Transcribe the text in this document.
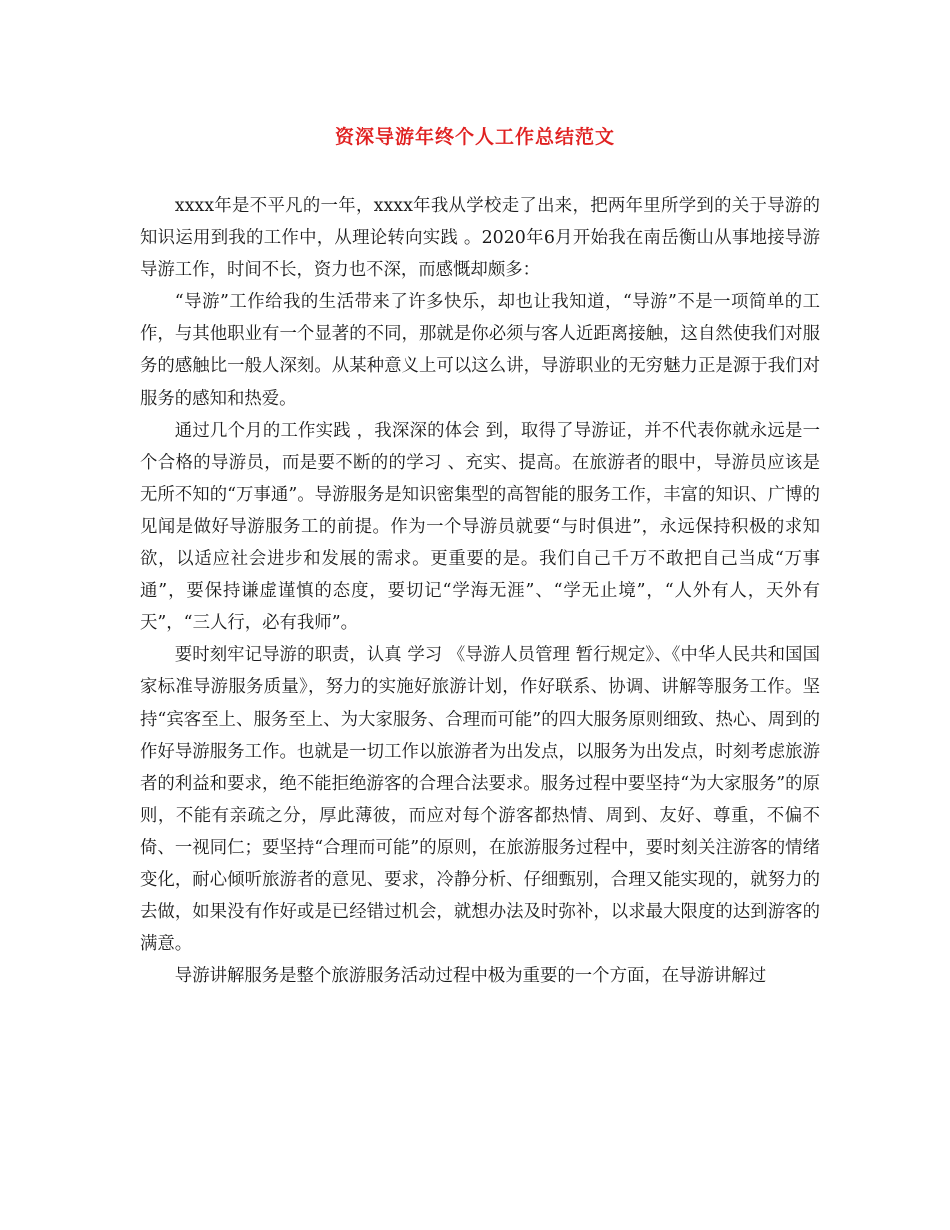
资深导游年终个人工作总结范文

xxxx年是不平凡的一年，xxxx年我从学校走了出来，把两年里所学到的关于导游的知识运用到我的工作中，从理论转向实践 。2020年6月开始我在南岳衡山从事地接导游导游工作，时间不长，资力也不深，而感慨却颇多：

“导游”工作给我的生活带来了许多快乐，却也让我知道，“导游”不是一项简单的工作，与其他职业有一个显著的不同，那就是你必须与客人近距离接触，这自然使我们对服务的感触比一般人深刻。从某种意义上可以这么讲，导游职业的无穷魅力正是源于我们对服务的感知和热爱。

通过几个月的工作实践 ，我深深的体会 到，取得了导游证，并不代表你就永远是一个合格的导游员，而是要不断的的学习 、充实、提高。在旅游者的眼中，导游员应该是无所不知的“万事通”。导游服务是知识密集型的高智能的服务工作，丰富的知识、广博的见闻是做好导游服务工的前提。作为一个导游员就要“与时俱进”，永远保持积极的求知欲，以适应社会进步和发展的需求。更重要的是。我们自己千万不敢把自己当成“万事通”，要保持谦虚谨慎的态度，要切记“学海无涯”、“学无止境”，“人外有人，天外有天”，“三人行，必有我师”。

要时刻牢记导游的职责，认真 学习 《导游人员管理 暂行规定》、《中华人民共和国国家标准导游服务质量》，努力的实施好旅游计划，作好联系、协调、讲解等服务工作。坚持“宾客至上、服务至上、为大家服务、合理而可能”的四大服务原则细致、热心、周到的作好导游服务工作。也就是一切工作以旅游者为出发点，以服务为出发点，时刻考虑旅游者的利益和要求，绝不能拒绝游客的合理合法要求。服务过程中要坚持“为大家服务”的原则，不能有亲疏之分，厚此薄彼，而应对每个游客都热情、周到、友好、尊重，不偏不倚、一视同仁；要坚持“合理而可能”的原则，在旅游服务过程中，要时刻关注游客的情绪变化，耐心倾听旅游者的意见、要求，冷静分析、仔细甄别，合理又能实现的，就努力的去做，如果没有作好或是已经错过机会，就想办法及时弥补，以求最大限度的达到游客的满意。

导游讲解服务是整个旅游服务活动过程中极为重要的一个方面，在导游讲解过
